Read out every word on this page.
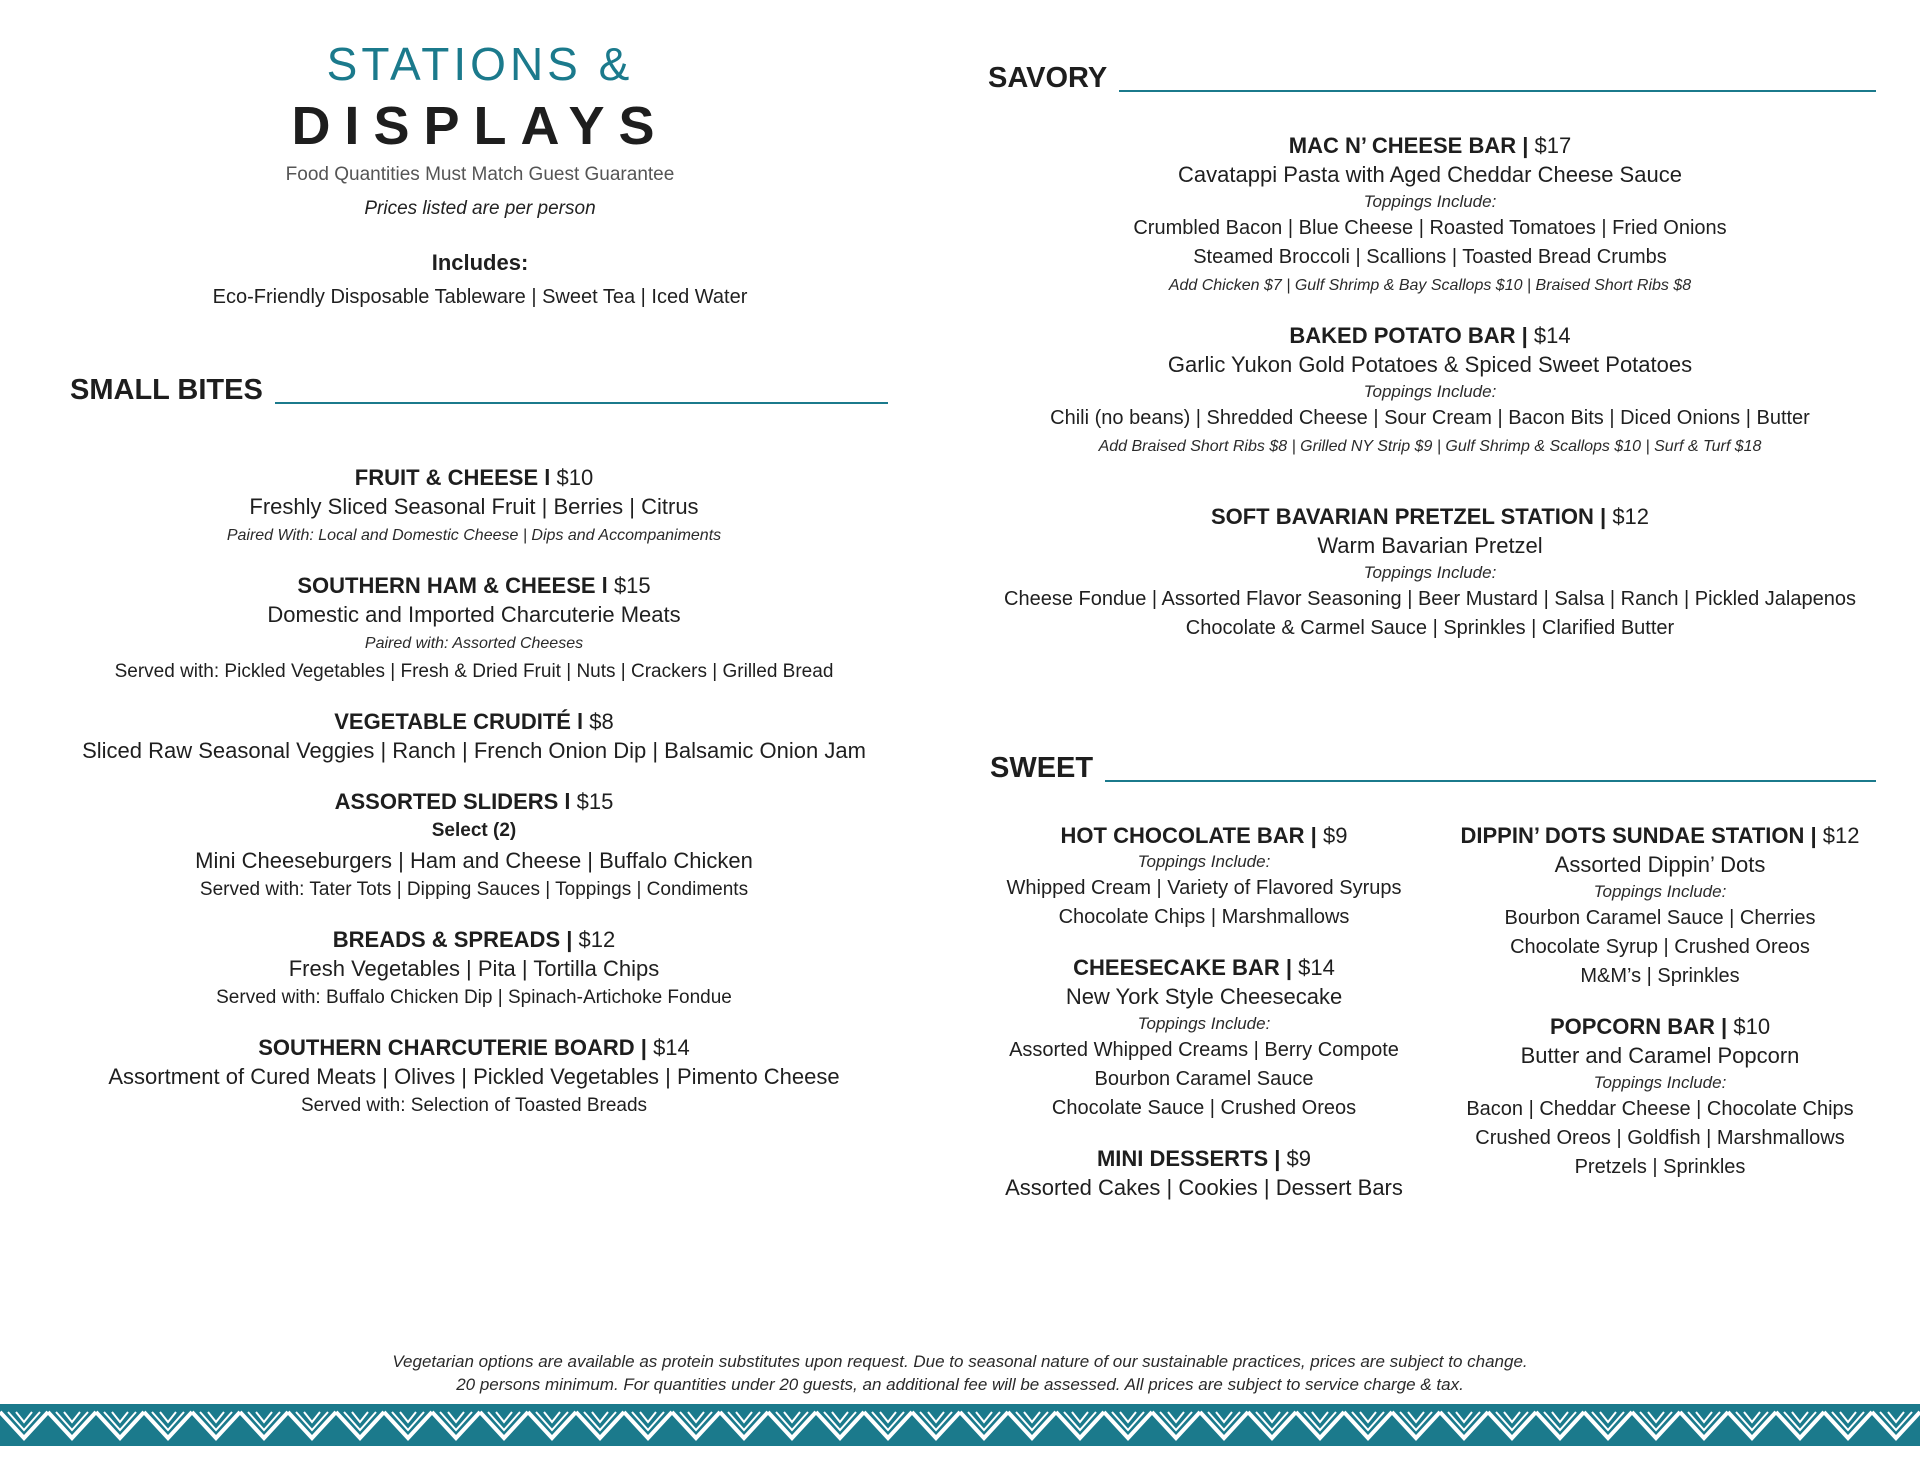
STATIONS &
DISPLAYS
Food Quantities Must Match Guest Guarantee
Prices listed are per person
Includes:
Eco-Friendly Disposable Tableware | Sweet Tea | Iced Water
SMALL BITES
FRUIT & CHEESE l $10
Freshly Sliced Seasonal Fruit | Berries | Citrus
Paired With: Local and Domestic Cheese | Dips and Accompaniments
SOUTHERN HAM & CHEESE l $15
Domestic and Imported Charcuterie Meats
Paired with: Assorted Cheeses
Served with: Pickled Vegetables | Fresh & Dried Fruit | Nuts | Crackers | Grilled Bread
VEGETABLE CRUDITÉ l $8
Sliced Raw Seasonal Veggies | Ranch | French Onion Dip | Balsamic Onion Jam
ASSORTED SLIDERS l $15
Select (2)
Mini Cheeseburgers | Ham and Cheese | Buffalo Chicken
Served with: Tater Tots | Dipping Sauces | Toppings | Condiments
BREADS & SPREADS | $12
Fresh Vegetables | Pita | Tortilla Chips
Served with: Buffalo Chicken Dip | Spinach-Artichoke Fondue
SOUTHERN CHARCUTERIE BOARD | $14
Assortment of Cured Meats | Olives | Pickled Vegetables | Pimento Cheese
Served with: Selection of Toasted Breads
SAVORY
MAC N’ CHEESE BAR | $17
Cavatappi Pasta with Aged Cheddar Cheese Sauce
Toppings Include:
Crumbled Bacon | Blue Cheese | Roasted Tomatoes | Fried Onions
Steamed Broccoli | Scallions | Toasted Bread Crumbs
Add Chicken $7 | Gulf Shrimp & Bay Scallops $10 | Braised Short Ribs $8
BAKED POTATO BAR | $14
Garlic Yukon Gold Potatoes & Spiced Sweet Potatoes
Toppings Include:
Chili (no beans) | Shredded Cheese | Sour Cream | Bacon Bits | Diced Onions | Butter
Add Braised Short Ribs $8 | Grilled NY Strip $9 | Gulf Shrimp & Scallops $10 | Surf & Turf $18
SOFT BAVARIAN PRETZEL STATION | $12
Warm Bavarian Pretzel
Toppings Include:
Cheese Fondue | Assorted Flavor Seasoning | Beer Mustard | Salsa | Ranch | Pickled Jalapenos
Chocolate & Carmel Sauce | Sprinkles | Clarified Butter
SWEET
HOT CHOCOLATE BAR | $9
Toppings Include:
Whipped Cream | Variety of Flavored Syrups
Chocolate Chips | Marshmallows
CHEESECAKE BAR | $14
New York Style Cheesecake
Toppings Include:
Assorted Whipped Creams | Berry Compote
Bourbon Caramel Sauce
Chocolate Sauce | Crushed Oreos
MINI DESSERTS | $9
Assorted Cakes | Cookies | Dessert Bars
DIPPIN’ DOTS SUNDAE STATION | $12
Assorted Dippin’ Dots
Toppings Include:
Bourbon Caramel Sauce | Cherries
Chocolate Syrup | Crushed Oreos
M&M’s | Sprinkles
POPCORN BAR | $10
Butter and Caramel Popcorn
Toppings Include:
Bacon | Cheddar Cheese | Chocolate Chips
Crushed Oreos | Goldfish | Marshmallows
Pretzels | Sprinkles
Vegetarian options are available as protein substitutes upon request. Due to seasonal nature of our sustainable practices, prices are subject to change.
20 persons minimum. For quantities under 20 guests, an additional fee will be assessed. All prices are subject to service charge & tax.
